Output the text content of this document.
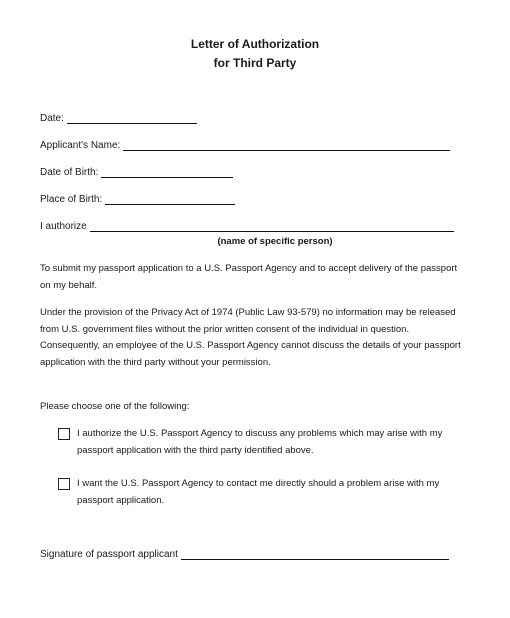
Letter of Authorization
for Third Party
Date:
Applicant's Name:
Date of Birth:
Place of Birth:
I authorize
(name of specific person)
To submit my passport application to a U.S. Passport Agency and to accept delivery of the passport on my behalf.
Under the provision of the Privacy Act of 1974 (Public Law 93-579) no information may be released from U.S. government files without the prior written consent of the individual in question. Consequently, an employee of the U.S. Passport Agency cannot discuss the details of your passport application with the third party without your permission.
Please choose one of the following:
I authorize the U.S. Passport Agency to discuss any problems which may arise with my passport application with the third party identified above.
I want the U.S. Passport Agency to contact me directly should a problem arise with my passport application.
Signature of passport applicant
